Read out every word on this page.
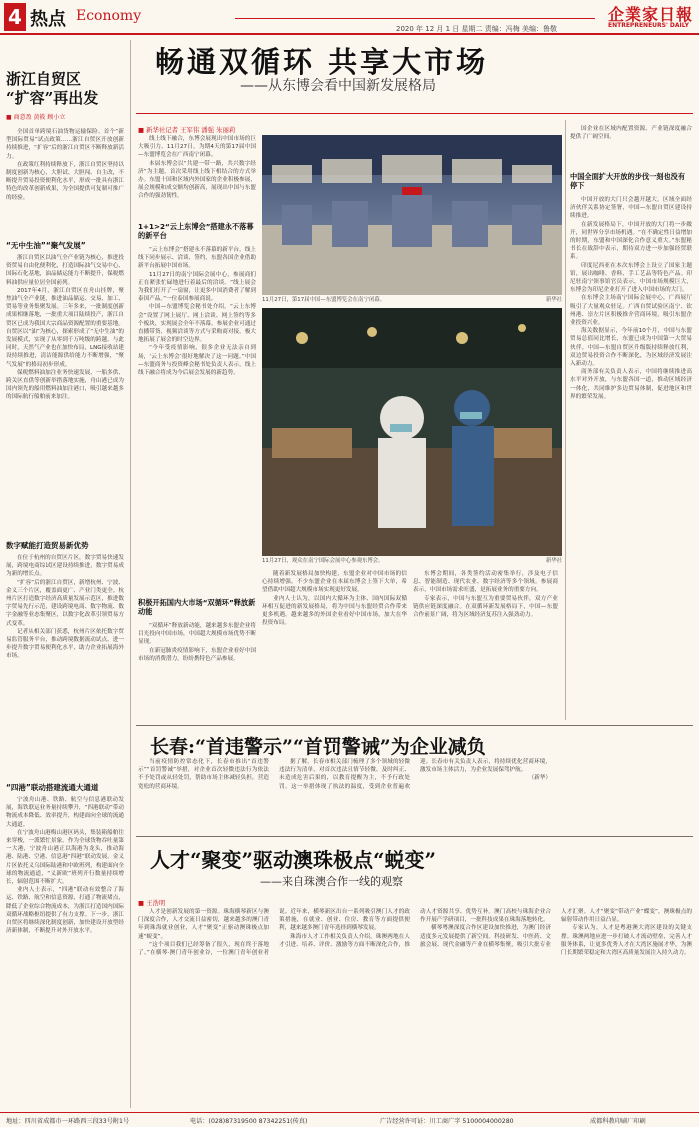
4 热点 Economy
2020 年 12 月 1 日 星期二 责编：冯梅 美编：鲁敬
企業家日報
ENTREPRENEURS' DAILY
浙江自贸区
“扩容”再出发
■ 商意盈 黄筱 顾小立

全国首单跨境石油货物运输保险、首个“新型国际贸易”试点政策……浙江自贸区开放创新持续推进，“扩容”后的浙江自贸区不断释放新活力。

在政策红利持续释放下，浙江自贸区坚持以制度创新为核心，大胆试、大胆闯、自主改，不断提升贸易投资便利化水平，形成一批具有浙江特色的改革创新成果，为全国提供可复制可推广的经验。

“无中生油”“聚气发展”

浙江自贸区以油气全产业链为核心，推进投资贸易自由化便利化，打造国际油气交易中心、国际石化基地，油品储运能力不断提升，保税燃料油供应量位居全国前列。

2017年4月，浙江自贸区在舟山挂牌，聚焦油气全产业链，推进油品储运、交易、加工、贸易等业务集聚发展。三年多来，一批制度创新成果相继落地，一批重大项目陆续投产，浙江自贸区已成为我国大宗商品资源配置的重要基地。自贸区以“油”为核心，探索形成了“无中生油”的发展模式，实现了从零到千万吨级的跨越。与此同时，天然气产业也在加快布局，LNG接收站建设持续推进，清洁能源供给能力不断增强，“聚气发展”的格局初步形成。

保税燃料油加注业务快速发展，一船多供、跨关区直供等创新举措落地实施，舟山港已成为国内领先的船用燃料油加注港口，吸引越来越多的国际航行船舶前来加注。

数字赋能打造贸易新优势

在位于杭州的自贸区片区，数字贸易快速发展，跨境电商综试区建设持续推进，数字贸易成为新的增长点。

“扩容”后的浙江自贸区，新增杭州、宁波、金义三个片区，覆盖面更广、产业门类更全。杭州片区打造数字经济高质量发展示范区，推进数字贸易先行示范，建设跨境电商、数字物流、数字金融等业态集聚区，以数字化改革引领贸易方式变革。

记者从相关部门获悉，杭州片区依托数字贸易监管服务平台，推动跨境数据流动试点，进一步提升数字贸易便利化水平，助力企业拓展海外市场。

“四港”联动搭建流通大通道

宁波舟山港、铁路、航空与信息港联动发展，海铁联运业务量持续攀升，“四港联动”带动物流成本降低、效率提升，构建面向全球的流通大通道。

在宁波舟山港梅山港区码头，集装箱船舶往来穿梭，一派繁忙景象。作为全球货物吞吐量第一大港，宁波舟山港正以海港为龙头，推动海港、陆港、空港、信息港“四港”联动发展。金义片区依托义乌国际陆港和中欧班列，构建面向全球的物流通道，“义新欧”班列开行数量持续增长，辐射范围不断扩大。

业内人士表示，“四港”联动有效整合了海运、铁路、航空和信息资源，打通了物流堵点，降低了企业综合物流成本，为浙江打造国内国际双循环战略枢纽提供了有力支撑。下一步，浙江自贸区将继续深化制度创新，加快建设开放型经济新体制，不断提升对外开放水平。

畅通双循环 共享大市场
——从东博会看中国新发展格局
■ 新华社记者 王军伟 潘强 朱丽莉

线上线下融合，东博会展现出中国市场的巨大吸引力。11月27日，为期4天的第17届中国—东盟博览会在广西南宁闭幕。

本届东博会以“共建一带一路，共兴数字经济”为主题，首次采用线上线下相结合的方式举办。东盟十国和区域内外国家的企业积极参展，展会规模和成交额均创新高，展现出中国与东盟合作的强劲韧性。

1+1>2“云上东博会”搭建永不落幕的新平台

“云上东博会”搭建永不落幕的新平台，线上线下同步展示、洽谈、签约，东盟各国企业借助新平台拓展中国市场。

11月27日的南宁国际会展中心，参展商们正在紧张忙碌地进行着最后的洽谈。“线上展会为我们打开了一扇窗，让更多中国消费者了解到泰国产品。”一位泰国参展商说。

中国—东盟博览会秘书处介绍，“云上东博会”设置了网上展厅、网上洽谈、网上签约等多个板块，实现展会全年不落幕。参展企业可通过直播带货、视频洽谈等方式与采购商对接，极大地拓展了展会的时空边界。

“今年受疫情影响，很多企业无法亲自到场，‘云上东博会’很好地解决了这一问题。”中国—东盟商务与投资峰会秘书处负责人表示，线上线下融合将成为今后展会发展的新趋势。

积极开拓国内大市场“双循环”释放新动能

“双循环”释放新动能，越来越多东盟企业将目光投向中国市场，中国超大规模市场优势不断显现。

在新冠肺炎疫情影响下，东盟企业看好中国市场的消费潜力，纷纷携特色产品参展。

11月27日，第17届中国—东盟博览会在南宁闭幕。	新华社
11月27日，观众在南宁国际会展中心参观东博会。	新华社

随着新发展格局加快构建，东盟企业对中国市场的信心持续增强。不少东盟企业在本届东博会上签下大单，希望借助中国超大规模市场实现更好发展。

业内人士认为，以国内大循环为主体、国内国际双循环相互促进的新发展格局，将为中国与东盟经贸合作带来更多机遇。越来越多的外国企业看好中国市场，加大在华投资布局。

东博会期间，各类签约活动密集举行，涉及电子信息、智能制造、现代农业、数字经济等多个领域。参展商表示，中国市场需求旺盛，是拓展业务的重要方向。

专家表示，中国与东盟互为重要贸易伙伴，双方产业链供应链深度融合。在双循环新发展格局下，中国—东盟合作前景广阔，将为区域经济复苏注入强劲动力。

国企业在区域内配置资源、产业链深度融合提供了广阔空间。

中国全面扩大开放的步伐一刻也没有停下

中国开放的大门只会越开越大。区域全面经济伙伴关系协定签署，中国—东盟自贸区建设持续推进。

在新发展格局下，中国开放的大门将一步敞开，同世界分享市场机遇。“在不确定性日益增加的时期，东盟和中国深化合作意义重大。”东盟秘书长在致辞中表示，期待双方进一步加强经贸联系。

印度尼西亚在本次东博会上设立了国家主题馆，展出咖啡、香料、手工艺品等特色产品。印尼驻南宁领事馆官员表示，中国市场规模巨大，东博会为印尼企业打开了进入中国市场的大门。

在东博会主场南宁国际会展中心，广西展厅吸引了大量观众驻足。广西自贸试验区南宁、钦州港、崇左片区积极推介营商环境，吸引东盟企业投资兴业。

海关数据显示，今年前10个月，中国与东盟贸易总值同比增长，东盟已成为中国第一大贸易伙伴。中国—东盟自贸区升级版持续释放红利，双边贸易投资合作不断深化，为区域经济发展注入新动力。

商务部有关负责人表示，中国将继续推进高水平对外开放，与东盟各国一道，推动区域经济一体化，共同维护多边贸易体制，促进地区和世界的繁荣发展。

长春:“首违警示”“首罚警诫”为企业减负

当前疫情防控常态化下，长春市推出“首违警示”“首罚警诫”举措，对企业首次轻微违法行为依法不予处罚或从轻处罚，帮助市场主体减轻负担，营造宽松的营商环境。

据了解，长春市相关部门梳理了多个领域的轻微违法行为清单，对首次违法且情节轻微、及时纠正、未造成危害后果的，以教育提醒为主，不予行政处罚。这一举措体现了执法的温度，受到企业普遍欢迎。长春市有关负责人表示，将持续优化营商环境，激发市场主体活力，为企业发展保驾护航。

（新华）

人才“聚变”驱动澳珠极点“蜕变”
——来自珠澳合作一线的观察
■ 王浩明

人才是创新发展的第一资源。珠海横琴新区与澳门深度合作，人才交流日益密切，越来越多的澳门青年到珠海就业创业，人才“聚变”正驱动澳珠极点加速“蜕变”。

“这个项目我们已经筹备了很久，现在终于落地了。”在横琴·澳门青年创业谷，一位澳门青年创业者说。近年来，横琴新区出台一系列吸引澳门人才的政策措施，在就业、创业、住房、教育等方面提供便利，越来越多澳门青年选择到横琴发展。

珠海市人才工作相关负责人介绍，珠澳两地在人才引进、培养、评价、激励等方面不断深化合作，推动人才资源共享、优势互补。澳门高校与珠海企业合作开展产学研项目，一批科技成果在珠海落地转化。

横琴粤澳深度合作区建设加快推进，为澳门经济适度多元发展提供了新空间。科技研发、中医药、文旅会展、现代金融等产业在横琴集聚，吸引大批专业人才汇聚。人才“聚变”带动产业“蝶变”，澳珠极点的辐射带动作用日益凸显。

专家认为，人才是粤港澳大湾区建设的关键支撑。珠澳两地应进一步打破人才流动壁垒，完善人才服务体系，让更多优秀人才在大湾区施展才华，为澳门长期繁荣稳定和大湾区高质量发展注入持久动力。

地址：四川省成都市一环路西三段33号附1号	电话：(028)87319500 87342251(传真)	广告经营许可证：川工商广字 5100004000280	成都科教印刷厂印刷
